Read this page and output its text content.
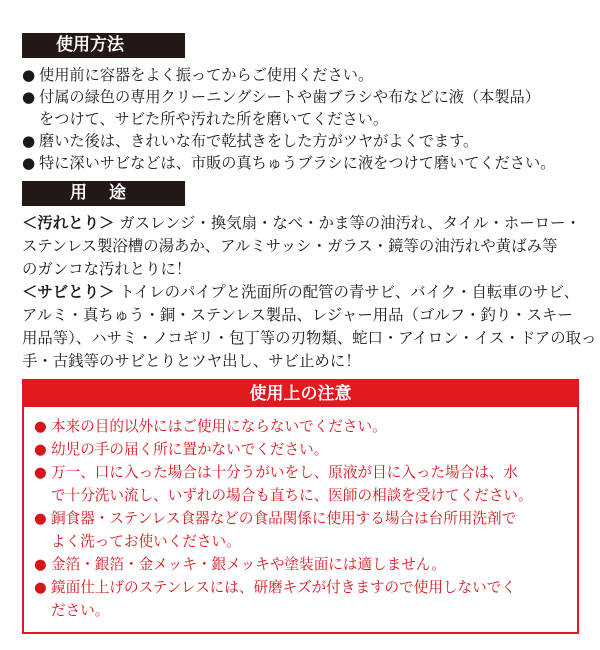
使用方法
● 使用前に容器をよく振ってからご使用ください。
● 付属の緑色の専用クリーニングシートや歯ブラシや布などに液（本製品）
をつけて、サビた所や汚れた所を磨いてください。
● 磨いた後は、きれいな布で乾拭きをした方がツヤがよくでます。
● 特に深いサビなどは、市販の真ちゅうブラシに液をつけて磨いてください。
用途
＜汚れとり＞ ガスレンジ・換気扇・なべ・かま等の油汚れ、タイル・ホーロー・
ステンレス製浴槽の湯あか、アルミサッシ・ガラス・鏡等の油汚れや黄ばみ等
のガンコな汚れとりに！
＜サビとり＞ トイレのパイプと洗面所の配管の青サビ、バイク・自転車のサビ、
アルミ・真ちゅう・銅・ステンレス製品、レジャー用品（ゴルフ・釣り・スキー
用品等）、ハサミ・ノコギリ・包丁等の刃物類、蛇口・アイロン・イス・ドアの取っ
手・古銭等のサビとりとツヤ出し、サビ止めに！
使用上の注意
● 本来の目的以外にはご使用にならないでください。
● 幼児の手の届く所に置かないでください。
● 万一、口に入った場合は十分うがいをし、原液が目に入った場合は、水
で十分洗い流し、いずれの場合も直ちに、医師の相談を受けてください。
● 銅食器・ステンレス食器などの食品関係に使用する場合は台所用洗剤で
よく洗ってお使いください。
● 金箔・銀箔・金メッキ・銀メッキや塗装面には適しません。
● 鏡面仕上げのステンレスには、研磨キズが付きますので使用しないでく
ださい。
